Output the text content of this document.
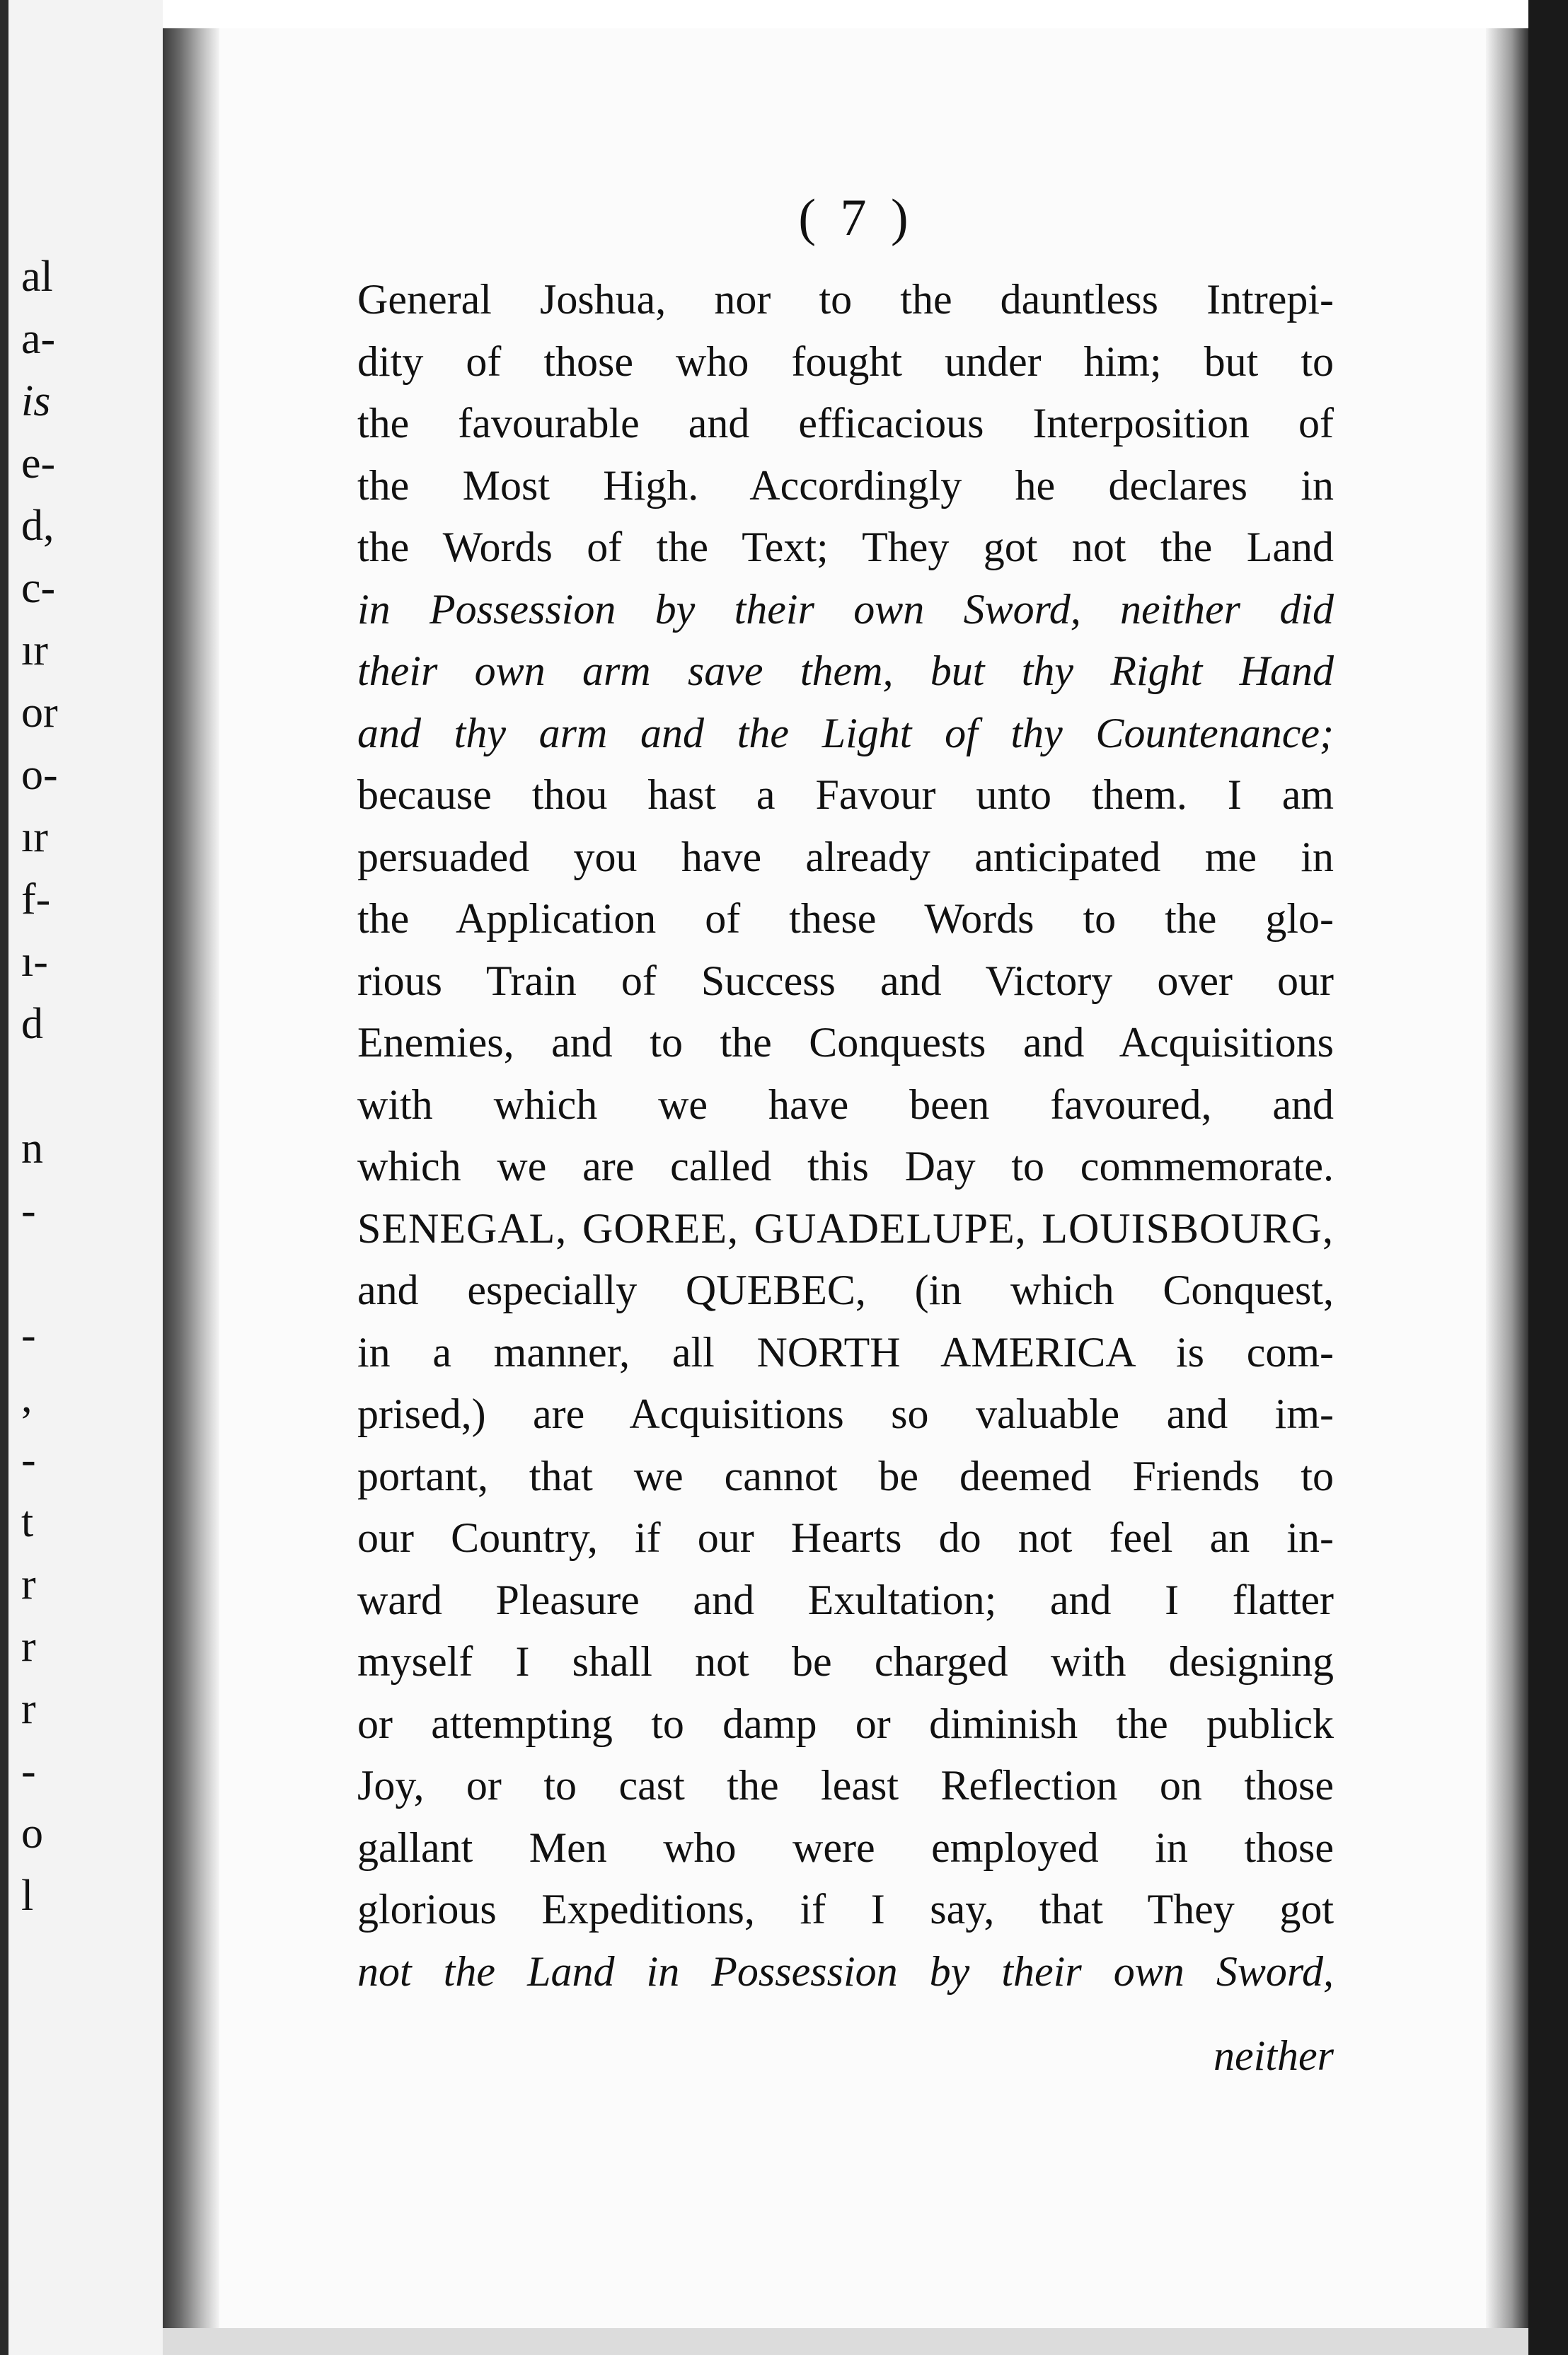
al
a-
is
e-
d,
c-
ır
or
o-
ır
f-
ı-
d
n
-
-
,
-
t
r
r
r
-
o
l
( 7 )
General Joshua, nor to the dauntless Intrepi-
dity of those who fought under him; but to
the favourable and efficacious Interposition of
the Most High. Accordingly he declares in
the Words of the Text; They got not the Land
in Possession by their own Sword, neither did
their own arm save them, but thy Right Hand
and thy arm and the Light of thy Countenance;
because thou hast a Favour unto them. I am
persuaded you have already anticipated me in
the Application of these Words to the glo-
rious Train of Success and Victory over our
Enemies, and to the Conquests and Acquisitions
with which we have been favoured, and
which we are called this Day to commemorate.
SENEGAL, GOREE, GUADELUPE, LOUISBOURG,
and especially QUEBEC, (in which Conquest,
in a manner, all NORTH AMERICA is com-
prised,) are Acquisitions so valuable and im-
portant, that we cannot be deemed Friends to
our Country, if our Hearts do not feel an in-
ward Pleasure and Exultation; and I flatter
myself I shall not be charged with designing
or attempting to damp or diminish the publick
Joy, or to cast the least Reflection on those
gallant Men who were employed in those
glorious Expeditions, if I say, that They got
not the Land in Possession by their own Sword,
neither
